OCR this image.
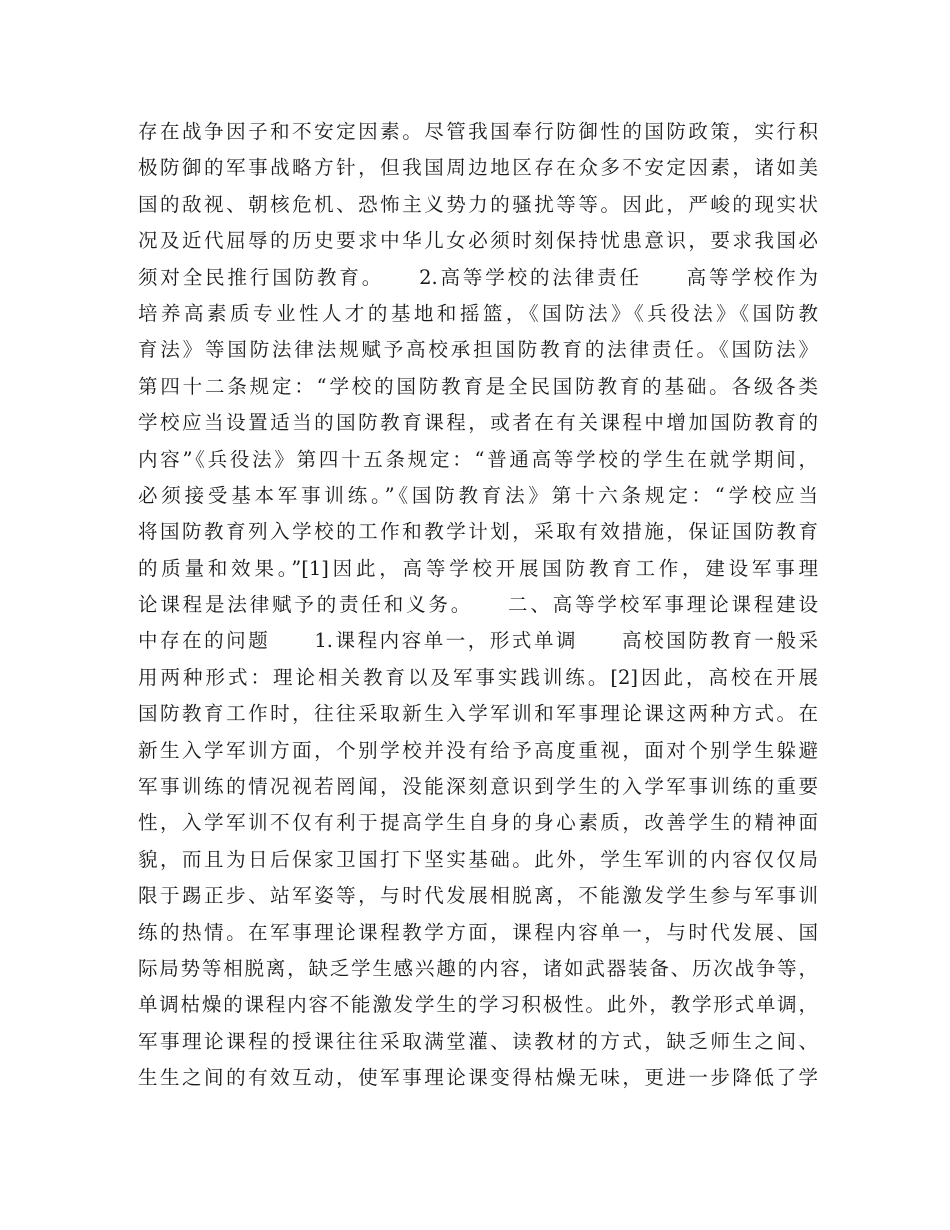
存在战争因子和不安定因素。尽管我国奉行防御性的国防政策，实行积
极防御的军事战略方针，但我国周边地区存在众多不安定因素，诸如美
国的敌视、朝核危机、恐怖主义势力的骚扰等等。因此，严峻的现实状
况及近代屈辱的历史要求中华儿女必须时刻保持忧患意识，要求我国必
须对全民推行国防教育。　　2.高等学校的法律责任　　高等学校作为
培养高素质专业性人才的基地和摇篮，《国防法》《兵役法》《国防教
育法》等国防法律法规赋予高校承担国防教育的法律责任。《国防法》
第四十二条规定：“学校的国防教育是全民国防教育的基础。各级各类
学校应当设置适当的国防教育课程，或者在有关课程中增加国防教育的
内容”《兵役法》第四十五条规定：“普通高等学校的学生在就学期间，
必须接受基本军事训练。”《国防教育法》第十六条规定：“学校应当
将国防教育列入学校的工作和教学计划，采取有效措施，保证国防教育
的质量和效果。”[1]因此，高等学校开展国防教育工作，建设军事理
论课程是法律赋予的责任和义务。　　二、高等学校军事理论课程建设
中存在的问题　　1.课程内容单一，形式单调　　高校国防教育一般采
用两种形式：理论相关教育以及军事实践训练。[2]因此，高校在开展
国防教育工作时，往往采取新生入学军训和军事理论课这两种方式。在
新生入学军训方面，个别学校并没有给予高度重视，面对个别学生躲避
军事训练的情况视若罔闻，没能深刻意识到学生的入学军事训练的重要
性，入学军训不仅有利于提高学生自身的身心素质，改善学生的精神面
貌，而且为日后保家卫国打下坚实基础。此外，学生军训的内容仅仅局
限于踢正步、站军姿等，与时代发展相脱离，不能激发学生参与军事训
练的热情。在军事理论课程教学方面，课程内容单一，与时代发展、国
际局势等相脱离，缺乏学生感兴趣的内容，诸如武器装备、历次战争等，
单调枯燥的课程内容不能激发学生的学习积极性。此外，教学形式单调，
军事理论课程的授课往往采取满堂灌、读教材的方式，缺乏师生之间、
生生之间的有效互动，使军事理论课变得枯燥无味，更进一步降低了学
